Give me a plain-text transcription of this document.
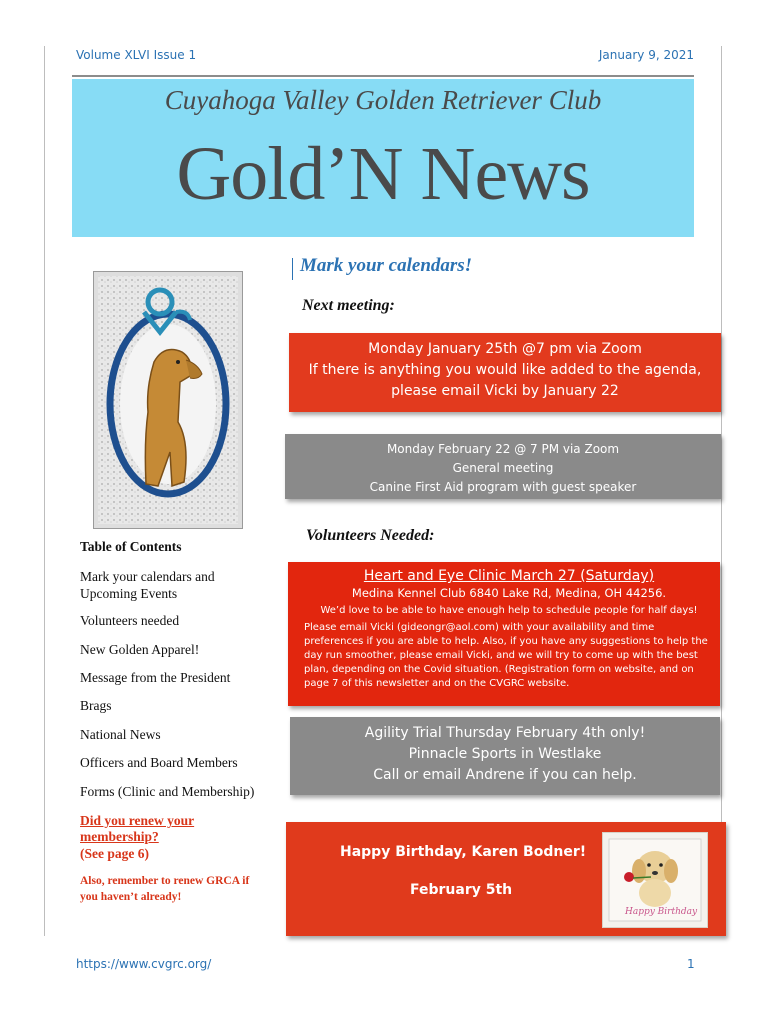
Volume XLVI Issue 1	January 9, 2021
Cuyahoga Valley Golden Retriever Club
Gold’N News
Table of Contents
Mark your calendars and Upcoming Events
Volunteers needed
New Golden Apparel!
Message from the President
Brags
National News
Officers and Board Members
Forms (Clinic and Membership)
Did you renew your membership?
(See page 6)
Also, remember to renew GRCA if you haven’t already!
Mark your calendars!
Next meeting:
Monday January 25th @7 pm via Zoom
If there is anything you would like added to the agenda,
please email Vicki by January 22
Monday February 22 @ 7 PM via Zoom
General meeting
Canine First Aid program with guest speaker
Volunteers Needed:
Heart and Eye Clinic March 27 (Saturday)
Medina Kennel Club 6840 Lake Rd, Medina, OH 44256.
We’d love to be able to have enough help to schedule people for half days!
Please email Vicki (gideongr@aol.com) with your availability and time preferences if you are able to help. Also, if you have any suggestions to help the day run smoother, please email Vicki, and we will try to come up with the best plan, depending on the Covid situation. (Registration form on website, and on page 7 of this newsletter and on the CVGRC website.
Agility Trial Thursday February 4th only!
Pinnacle Sports in Westlake
Call or email Andrene if you can help.
Happy Birthday, Karen Bodner!
February 5th
Happy Birthday
https://www.cvgrc.org/	1
